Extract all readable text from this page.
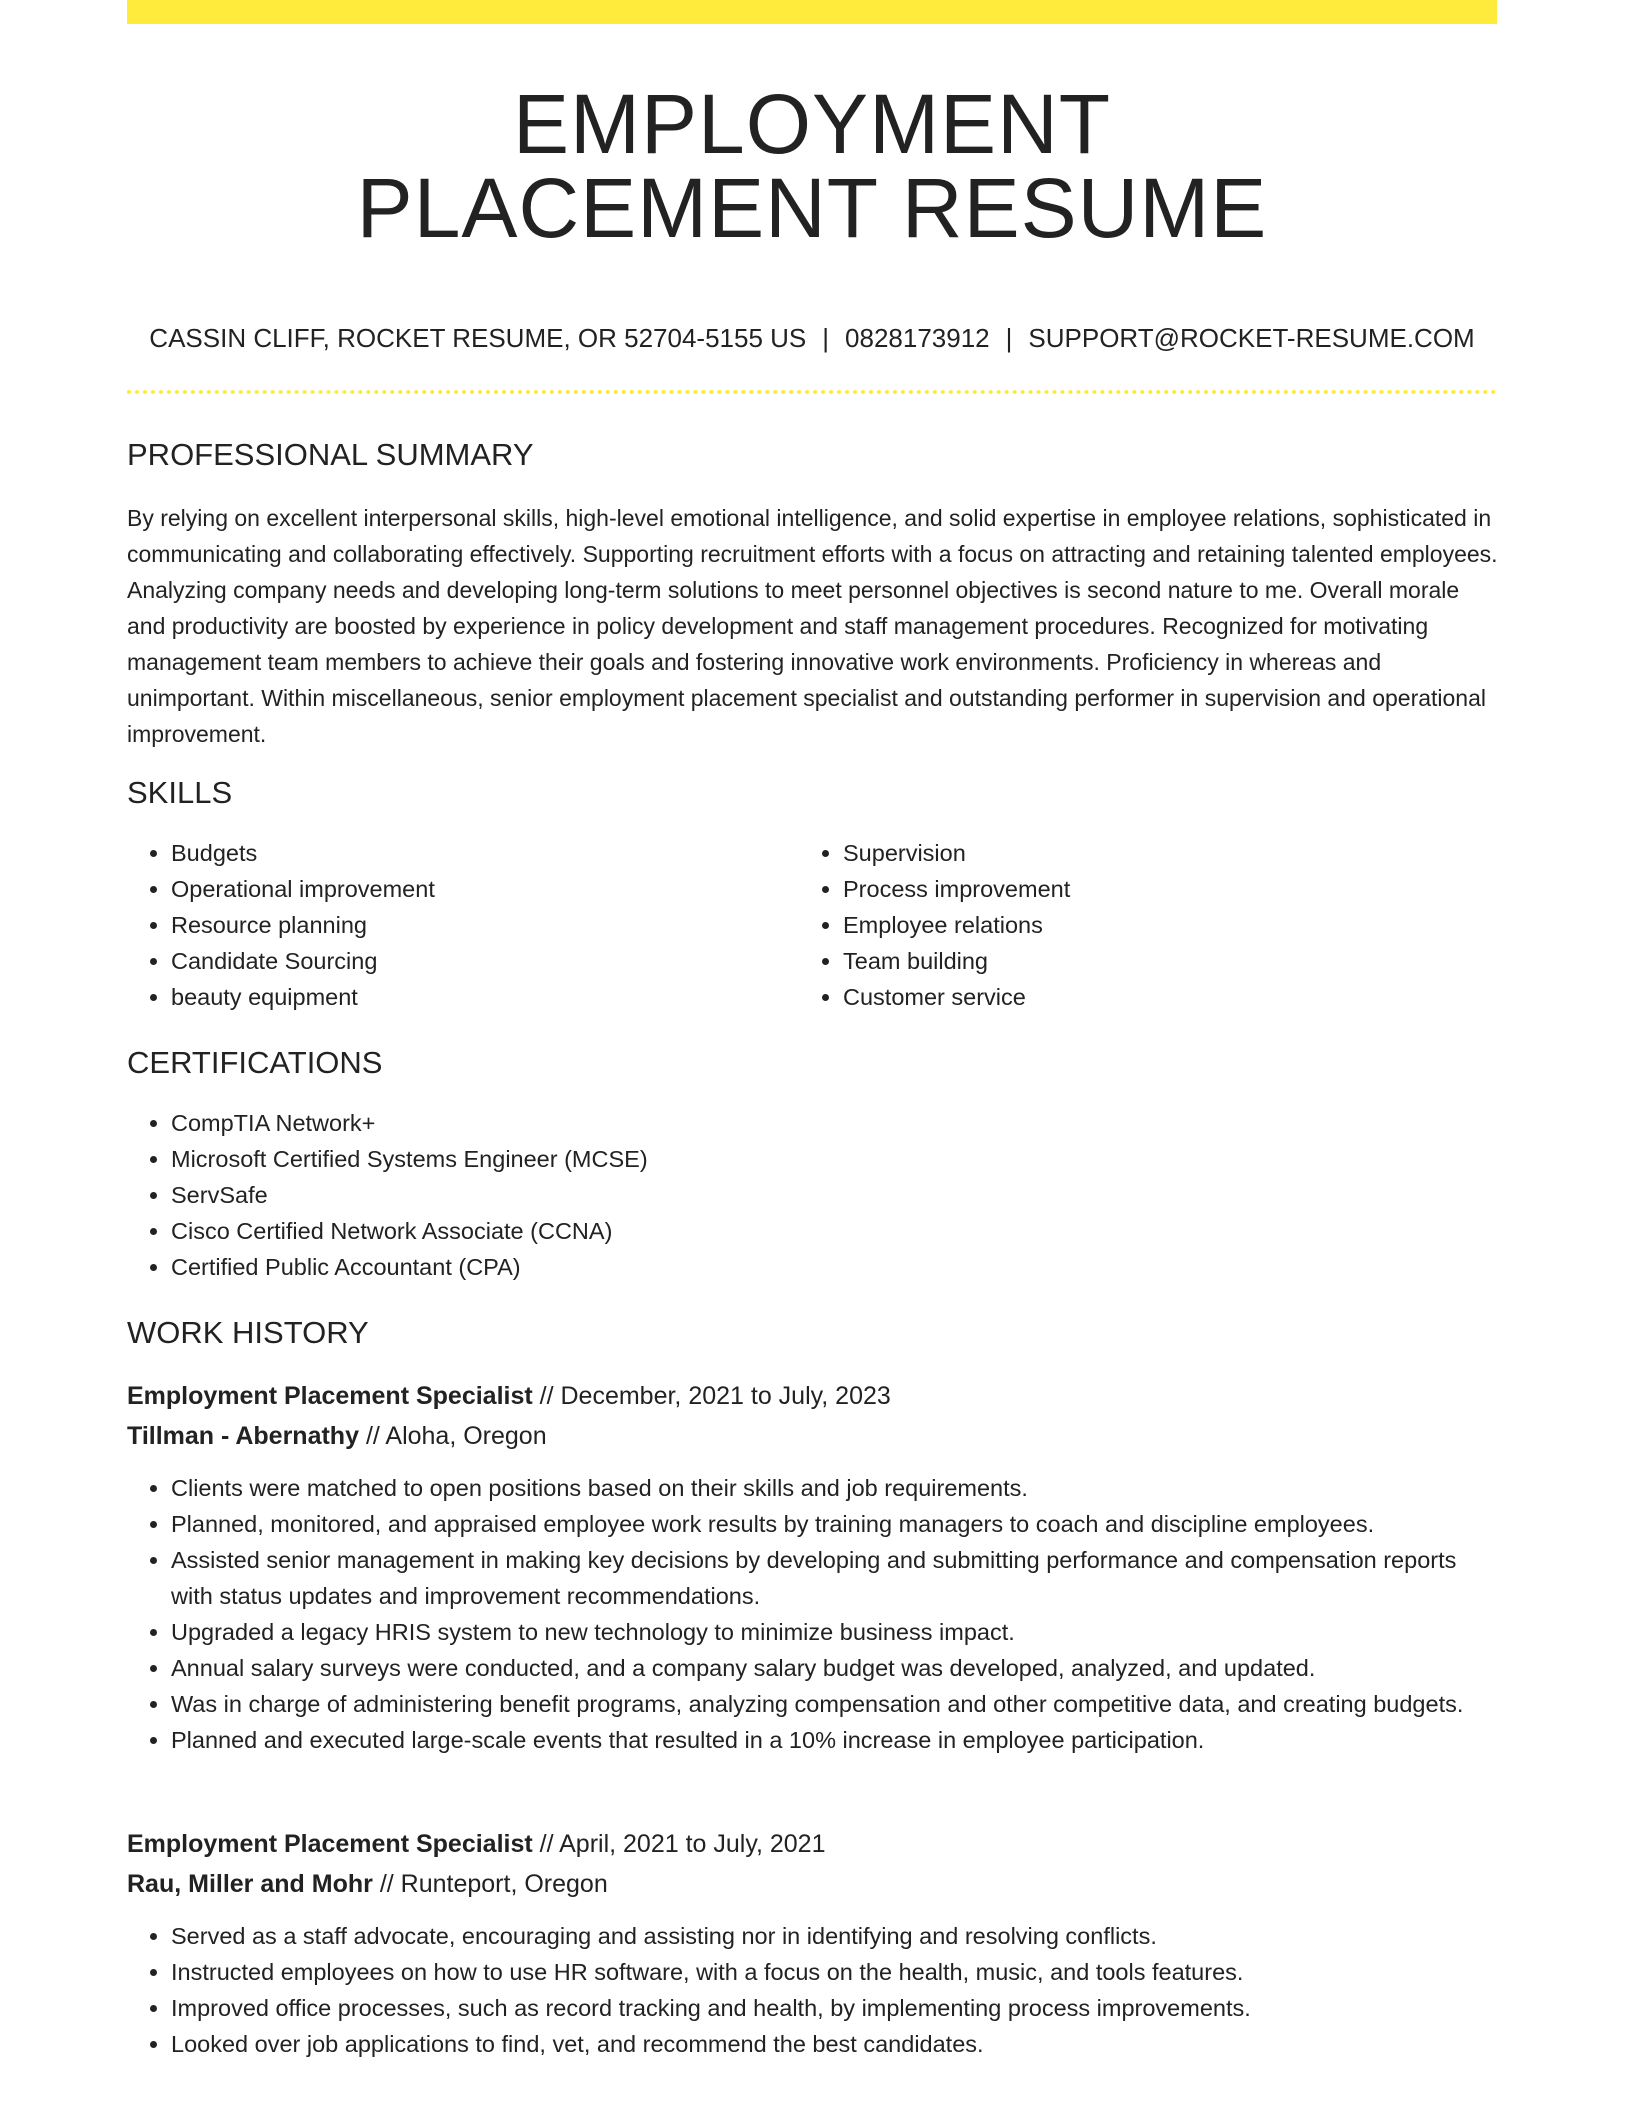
EMPLOYMENT
PLACEMENT RESUME
CASSIN CLIFF, ROCKET RESUME, OR 52704-5155 US | 0828173912 | SUPPORT@ROCKET-RESUME.COM
PROFESSIONAL SUMMARY

By relying on excellent interpersonal skills, high-level emotional intelligence, and solid expertise in employee relations, sophisticated in communicating and collaborating effectively. Supporting recruitment efforts with a focus on attracting and retaining talented employees. Analyzing company needs and developing long-term solutions to meet personnel objectives is second nature to me. Overall morale and productivity are boosted by experience in policy development and staff management procedures. Recognized for motivating management team members to achieve their goals and fostering innovative work environments. Proficiency in whereas and unimportant. Within miscellaneous, senior employment placement specialist and outstanding performer in supervision and operational improvement.

SKILLS
• Budgets
• Operational improvement
• Resource planning
• Candidate Sourcing
• beauty equipment
• Supervision
• Process improvement
• Employee relations
• Team building
• Customer service
CERTIFICATIONS
• CompTIA Network+
• Microsoft Certified Systems Engineer (MCSE)
• ServSafe
• Cisco Certified Network Associate (CCNA)
• Certified Public Accountant (CPA)
WORK HISTORY
Employment Placement Specialist // December, 2021 to July, 2023
Tillman - Abernathy // Aloha, Oregon
• Clients were matched to open positions based on their skills and job requirements.
• Planned, monitored, and appraised employee work results by training managers to coach and discipline employees.
• Assisted senior management in making key decisions by developing and submitting performance and compensation reports with status updates and improvement recommendations.
• Upgraded a legacy HRIS system to new technology to minimize business impact.
• Annual salary surveys were conducted, and a company salary budget was developed, analyzed, and updated.
• Was in charge of administering benefit programs, analyzing compensation and other competitive data, and creating budgets.
• Planned and executed large-scale events that resulted in a 10% increase in employee participation.
Employment Placement Specialist // April, 2021 to July, 2021
Rau, Miller and Mohr // Runteport, Oregon
• Served as a staff advocate, encouraging and assisting nor in identifying and resolving conflicts.
• Instructed employees on how to use HR software, with a focus on the health, music, and tools features.
• Improved office processes, such as record tracking and health, by implementing process improvements.
• Looked over job applications to find, vet, and recommend the best candidates.
